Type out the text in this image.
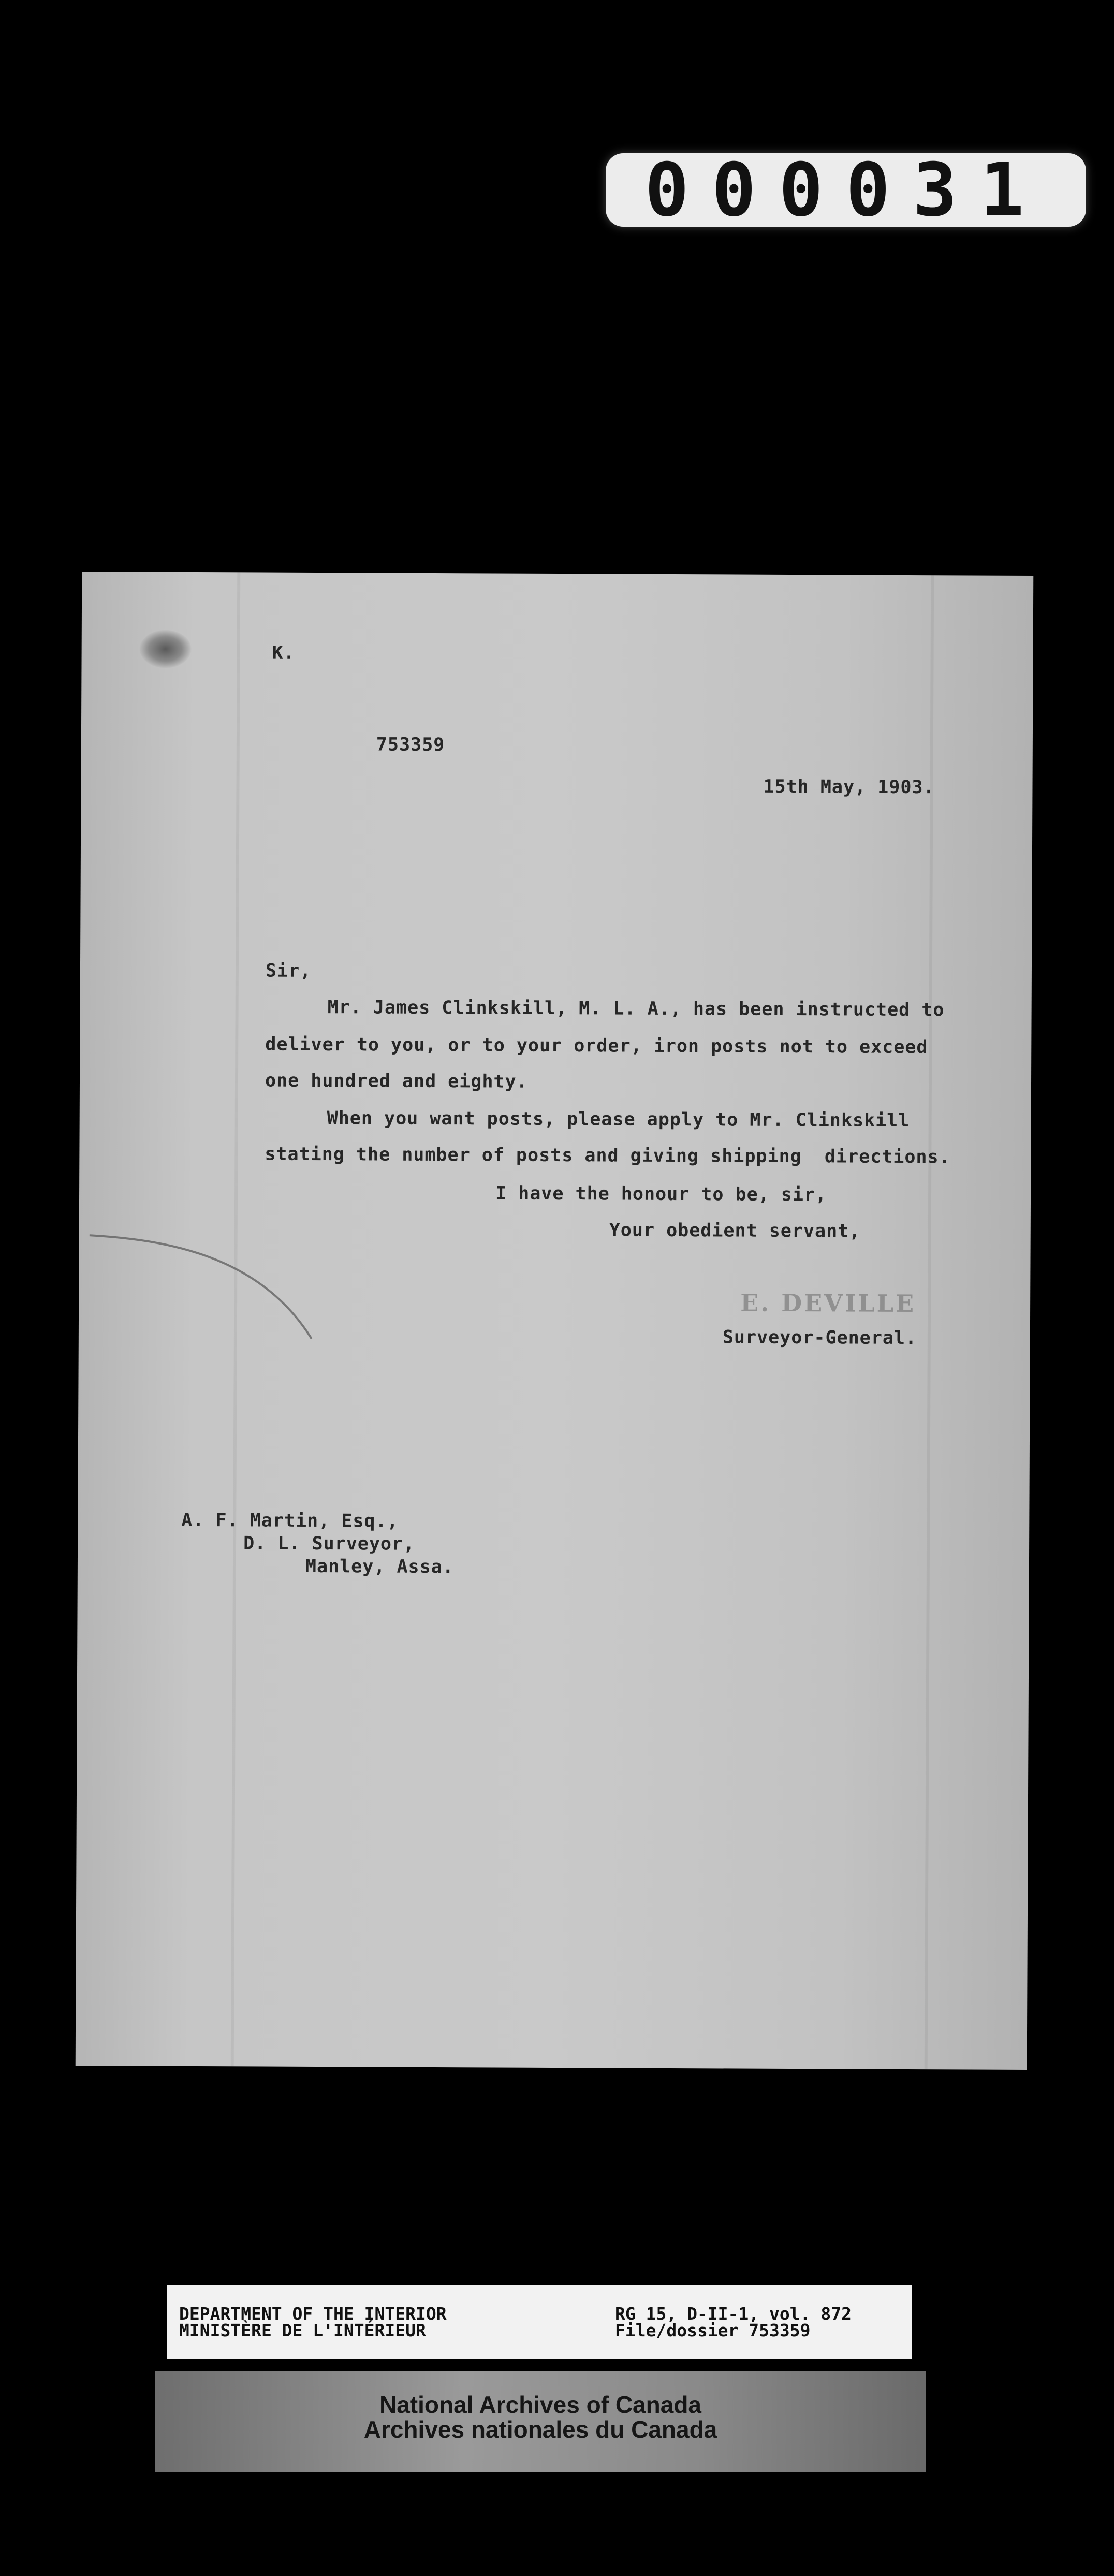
000031
K.
753359
15th May, 1903.
Sir,
Mr. James Clinkskill, M. L. A., has been instructed to
deliver to you, or to your order, iron posts not to exceed
one hundred and eighty.
When you want posts, please apply to Mr. Clinkskill
stating the number of posts and giving shipping  directions.
I have the honour to be, sir,
Your obedient servant,
E. DEVILLE
Surveyor-General.
A. F. Martin, Esq.,
D. L. Surveyor,
Manley, Assa.
DEPARTMENT OF THE INTERIOR
MINISTÈRE DE L'INTÉRIEUR
RG 15, D-II-1, vol. 872
File/dossier 753359
National Archives of Canada
Archives nationales du Canada
